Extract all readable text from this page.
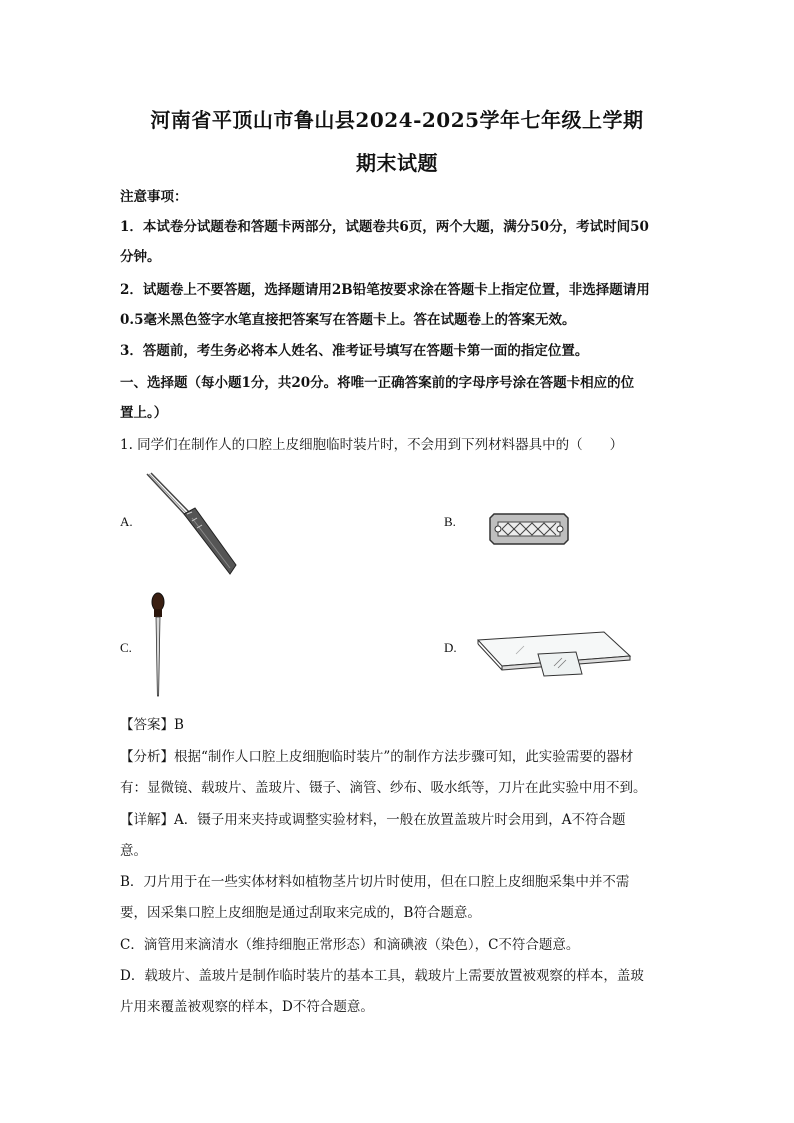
河南省平顶山市鲁山县2024-2025学年七年级上学期
期末试题
注意事项：
1．本试卷分试题卷和答题卡两部分，试题卷共6页，两个大题，满分50分，考试时间50
分钟。
2．试题卷上不要答题，选择题请用2B铅笔按要求涂在答题卡上指定位置，非选择题请用
0.5毫米黑色签字水笔直接把答案写在答题卡上。答在试题卷上的答案无效。
3．答题前，考生务必将本人姓名、准考证号填写在答题卡第一面的指定位置。
一、选择题（每小题1分，共20分。将唯一正确答案前的字母序号涂在答题卡相应的位
置上。）
1. 同学们在制作人的口腔上皮细胞临时装片时，不会用到下列材料器具中的（　　）
A.	B.
C.	D.
【答案】B
【分析】根据“制作人口腔上皮细胞临时装片”的制作方法步骤可知，此实验需要的器材
有：显微镜、载玻片、盖玻片、镊子、滴管、纱布、吸水纸等，刀片在此实验中用不到。
【详解】A．镊子用来夹持或调整实验材料，一般在放置盖玻片时会用到，A不符合题
意。
B．刀片用于在一些实体材料如植物茎片切片时使用，但在口腔上皮细胞采集中并不需
要，因采集口腔上皮细胞是通过刮取来完成的，B符合题意。
C．滴管用来滴清水（维持细胞正常形态）和滴碘液（染色），C不符合题意。
D．载玻片、盖玻片是制作临时装片的基本工具，载玻片上需要放置被观察的样本，盖玻
片用来覆盖被观察的样本，D不符合题意。
